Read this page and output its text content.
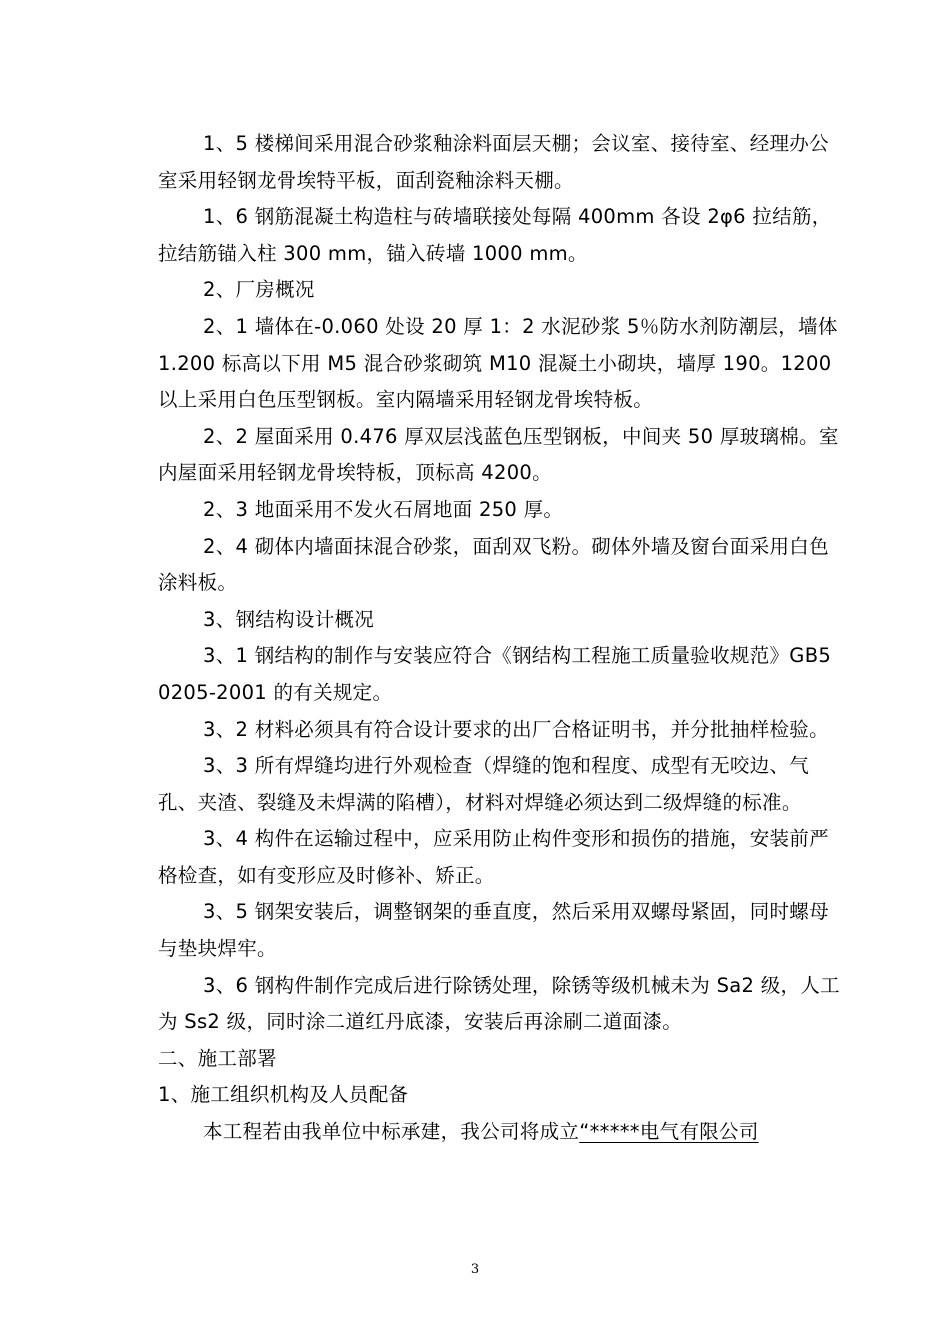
1、5 楼梯间采用混合砂浆釉涂料面层天棚；会议室、接待室、经理办公室采用轻钢龙骨埃特平板，面刮瓷釉涂料天棚。

1、6 钢筋混凝土构造柱与砖墙联接处每隔 400mm 各设 2φ6 拉结筋，拉结筋锚入柱 300 mm，锚入砖墙 1000 mm。

2、厂房概况

2、1 墙体在-0.060 处设 20 厚 1：2 水泥砂浆 5％防水剂防潮层，墙体 1.200 标高以下用 M5 混合砂浆砌筑 M10 混凝土小砌块，墙厚 190。1200 以上采用白色压型钢板。室内隔墙采用轻钢龙骨埃特板。

2、2 屋面采用 0.476 厚双层浅蓝色压型钢板，中间夹 50 厚玻璃棉。室内屋面采用轻钢龙骨埃特板，顶标高 4200。

2、3 地面采用不发火石屑地面 250 厚。

2、4 砌体内墙面抹混合砂浆，面刮双飞粉。砌体外墙及窗台面采用白色涂料板。

3、钢结构设计概况

3、1 钢结构的制作与安装应符合《钢结构工程施工质量验收规范》GB50205-2001 的有关规定。

3、2 材料必须具有符合设计要求的出厂合格证明书，并分批抽样检验。

3、3 所有焊缝均进行外观检查（焊缝的饱和程度、成型有无咬边、气孔、夹渣、裂缝及未焊满的陷槽），材料对焊缝必须达到二级焊缝的标准。

3、4 构件在运输过程中，应采用防止构件变形和损伤的措施，安装前严格检查，如有变形应及时修补、矫正。

3、5 钢架安装后，调整钢架的垂直度，然后采用双螺母紧固，同时螺母与垫块焊牢。

3、6 钢构件制作完成后进行除锈处理，除锈等级机械未为 Sa2 级，人工为 Ss2 级，同时涂二道红丹底漆，安装后再涂刷二道面漆。

二、施工部署

1、施工组织机构及人员配备

本工程若由我单位中标承建，我公司将成立“*****电气有限公司

3
